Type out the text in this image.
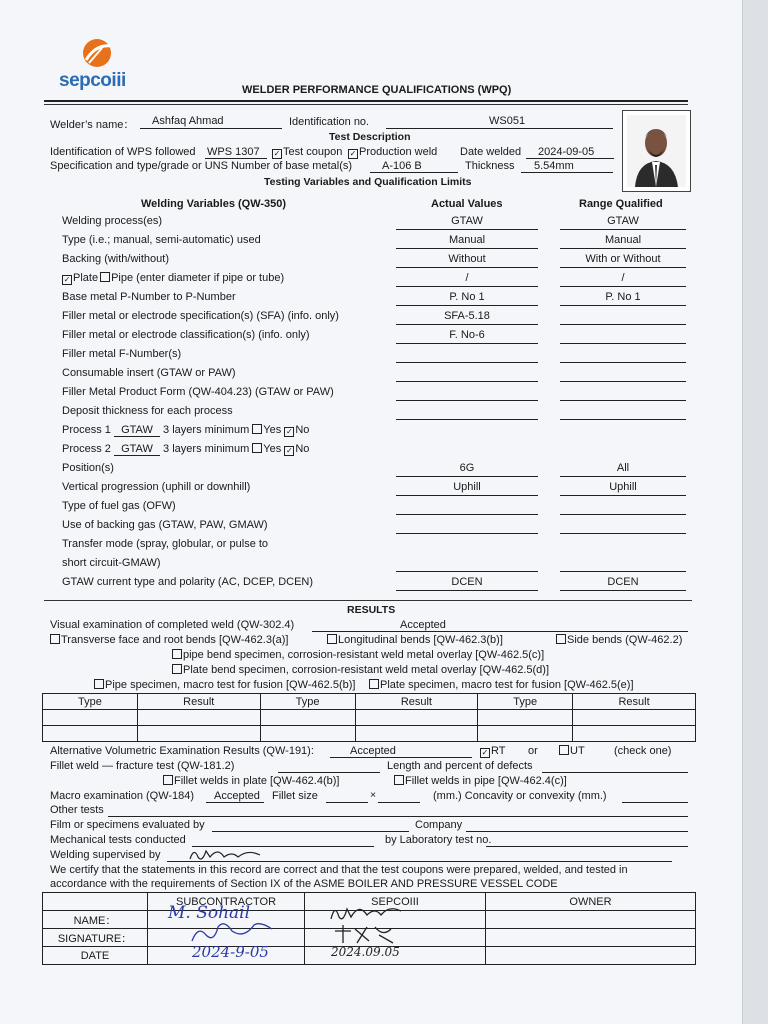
sepcoiii	WELDER PERFORMANCE QUALIFICATIONS (WPQ)
Welder’s name： Ashfaq Ahmad	Identification no.	WS051
Test Description
Identification of WPS followed WPS 1307 ✓ Test coupon ✓ Production weld Date welded 2024-09-05
Specification and type/grade or UNS Number of base metal(s)	A-106 B	Thickness 5.54mm
Testing Variables and Qualification Limits
Welding Variables (QW-350)	Actual Values	Range Qualified
Welding process(es)	GTAW	GTAW
Type (i.e.; manual, semi-automatic) used	Manual	Manual
Backing (with/without)	Without	With or Without
✓ Plate Pipe (enter diameter if pipe or tube)	/	/
Base metal P-Number to P-Number	P. No 1	P. No 1
Filler metal or electrode specification(s) (SFA) (info. only)	SFA-5.18
Filler metal or electrode classification(s) (info. only)	F. No-6
Filler metal F-Number(s)
Consumable insert (GTAW or PAW)
Filler Metal Product Form (QW-404.23) (GTAW or PAW)
Deposit thickness for each process
Process 1 GTAW 3 layers minimum Yes ✓ No
Process 2 GTAW 3 layers minimum Yes ✓ No
Position(s)	6G	All
Vertical progression (uphill or downhill)	Uphill	Uphill
Type of fuel gas (OFW)
Use of backing gas (GTAW, PAW, GMAW)
Transfer mode (spray, globular, or pulse to
short circuit-GMAW)
GTAW current type and polarity (AC, DCEP, DCEN)	DCEN	DCEN
RESULTS
Visual examination of completed weld (QW-302.4)	Accepted
Transverse face and root bends [QW-462.3(a)]	Longitudinal bends [QW-462.3(b)]	Side bends (QW-462.2)
pipe bend specimen, corrosion-resistant weld metal overlay [QW-462.5(c)]
Plate bend specimen, corrosion-resistant weld metal overlay [QW-462.5(d)]
Pipe specimen, macro test for fusion [QW-462.5(b)]	Plate specimen, macro test for fusion [QW-462.5(e)]
Type	Result	Type	Result	Type	Result

Alternative Volumetric Examination Results (QW-191):	Accepted	✓ RT or	UT	(check one)
Fillet weld — fracture test (QW-181.2)	Length and percent of defects
Fillet welds in plate [QW-462.4(b)]	Fillet welds in pipe [QW-462.4(c)]
Macro examination (QW-184) Accepted Fillet size	×	(mm.) Concavity or convexity (mm.)
Other tests
Film or specimens evaluated by	Company
Mechanical tests conducted	by Laboratory test no.
Welding supervised by
We certify that the statements in this record are correct and that the test coupons were prepared, welded, and tested in
accordance with the requirements of Section IX of the ASME BOILER AND PRESSURE VESSEL CODE
	SUBCONTRACTOR	SEPCOIII	OWNER
NAME：	M. Sohail

SIGNATURE：	

DATE	2024-9-05	2024.09.05	
